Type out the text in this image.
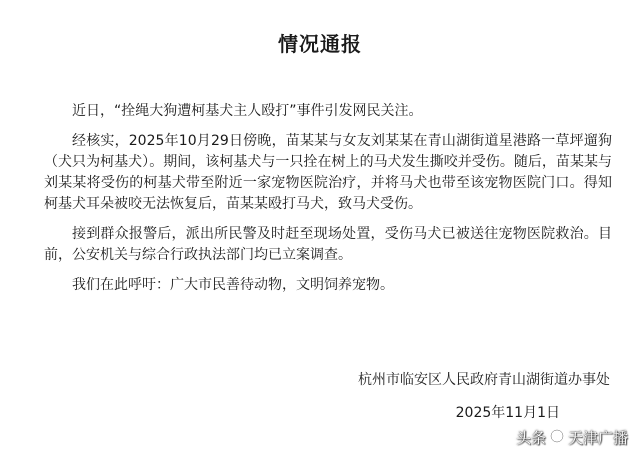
情况通报

近日，“拴绳大狗遭柯基犬主人殴打”事件引发网民关注。

经核实，2025年10月29日傍晚，苗某某与女友刘某某在青山湖街道星港路一草坪遛狗（犬只为柯基犬）。期间，该柯基犬与一只拴在树上的马犬发生撕咬并受伤。随后，苗某某与刘某某将受伤的柯基犬带至附近一家宠物医院治疗，并将马犬也带至该宠物医院门口。得知柯基犬耳朵被咬无法恢复后，苗某某殴打马犬，致马犬受伤。

接到群众报警后，派出所民警及时赶至现场处置，受伤马犬已被送往宠物医院救治。目前，公安机关与综合行政执法部门均已立案调查。

我们在此呼吁：广大市民善待动物，文明饲养宠物。

杭州市临安区人民政府青山湖街道办事处
2025年11月1日
头条 天津广播
